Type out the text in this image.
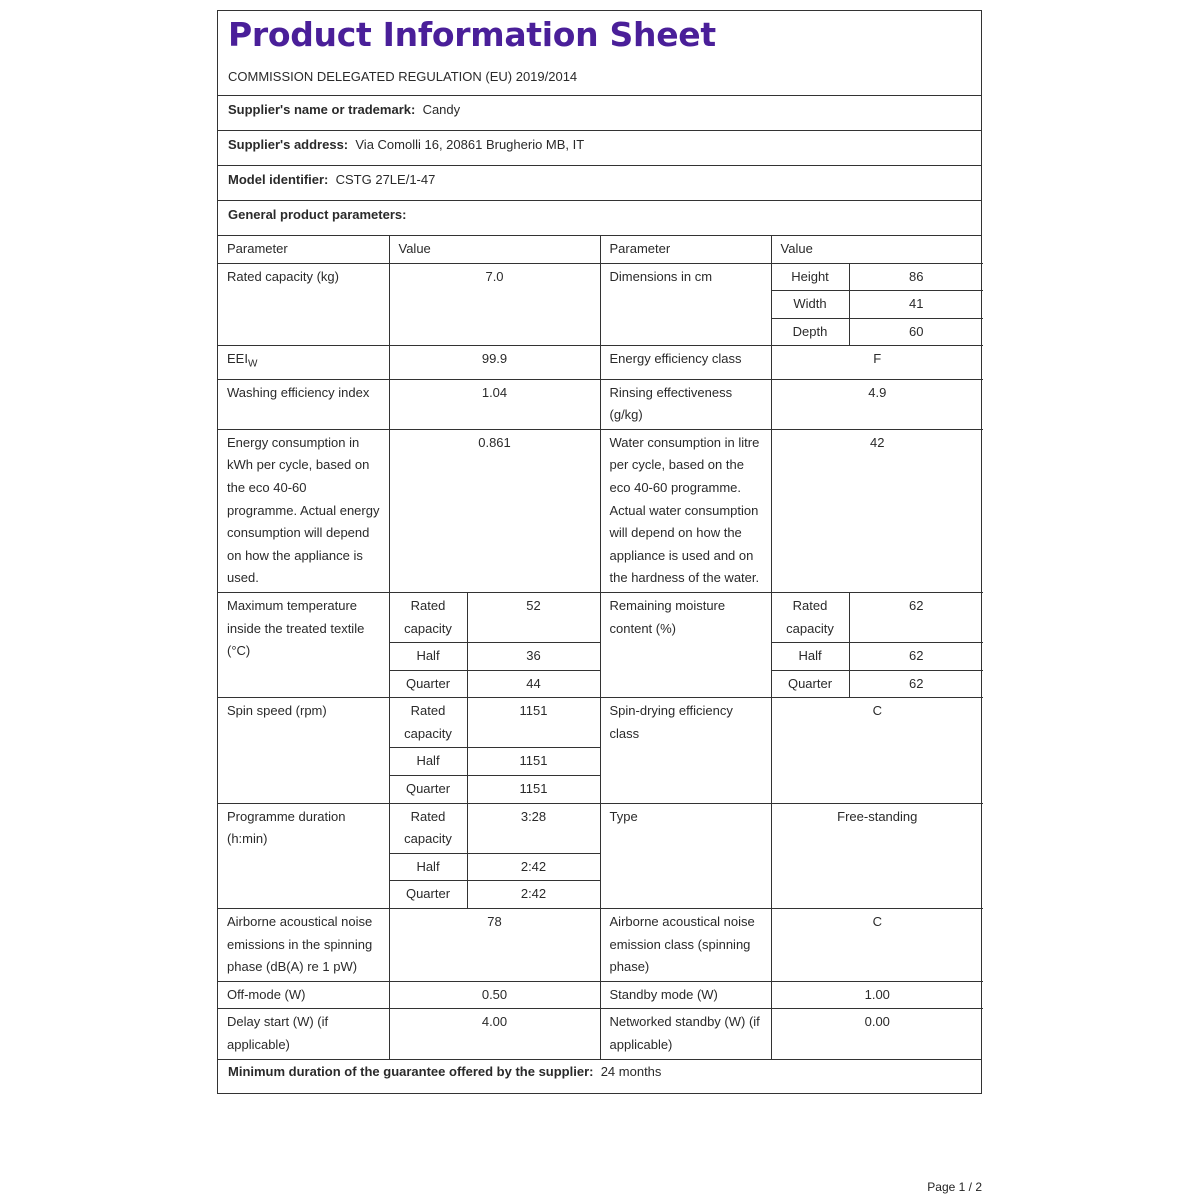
Product Information Sheet
COMMISSION DELEGATED REGULATION (EU) 2019/2014
Supplier's name or trademark: Candy
Supplier's address: Via Comolli 16, 20861 Brugherio MB, IT
Model identifier: CSTG 27LE/1-47
General product parameters:
Parameter	Value		Parameter	Value	
Rated capacity (kg)	7.0		Dimensions in cm	Height	86
				Width	41
				Depth	60
$EEI_W$	99.9		Energy efficiency class	F	
Washing efficiency index	1.04		Rinsing effectiveness (g/kg)	4.9	
Energy consumption in kWh per cycle, based on the eco 40-60 programme. Actual energy consumption will depend on how the appliance is used.	0.861		Water consumption in litre per cycle, based on the eco 40-60 programme. Actual water consumption will depend on how the appliance is used and on the hardness of the water.	42	
Maximum temperature inside the treated textile (°C)	Rated capacity	52	Remaining moisture content (%)	Rated capacity	62
	Half	36		Half	62
	Quarter	44		Quarter	62
Spin speed (rpm)	Rated capacity	1151	Spin-drying efficiency class	C	
	Half	1151			
	Quarter	1151			
Programme duration (h:min)	Rated capacity	3:28	Type	Free-standing	
	Half	2:42			
	Quarter	2:42			
Airborne acoustical noise emissions in the spinning phase (dB(A) re 1 pW)	78		Airborne acoustical noise emission class (spinning phase)	C	
Off-mode (W)	0.50		Standby mode (W)	1.00	
Delay start (W) (if applicable)	4.00		Networked standby (W) (if applicable)	0.00	
Minimum duration of the guarantee offered by the supplier: 24 months
Page 1 / 2
